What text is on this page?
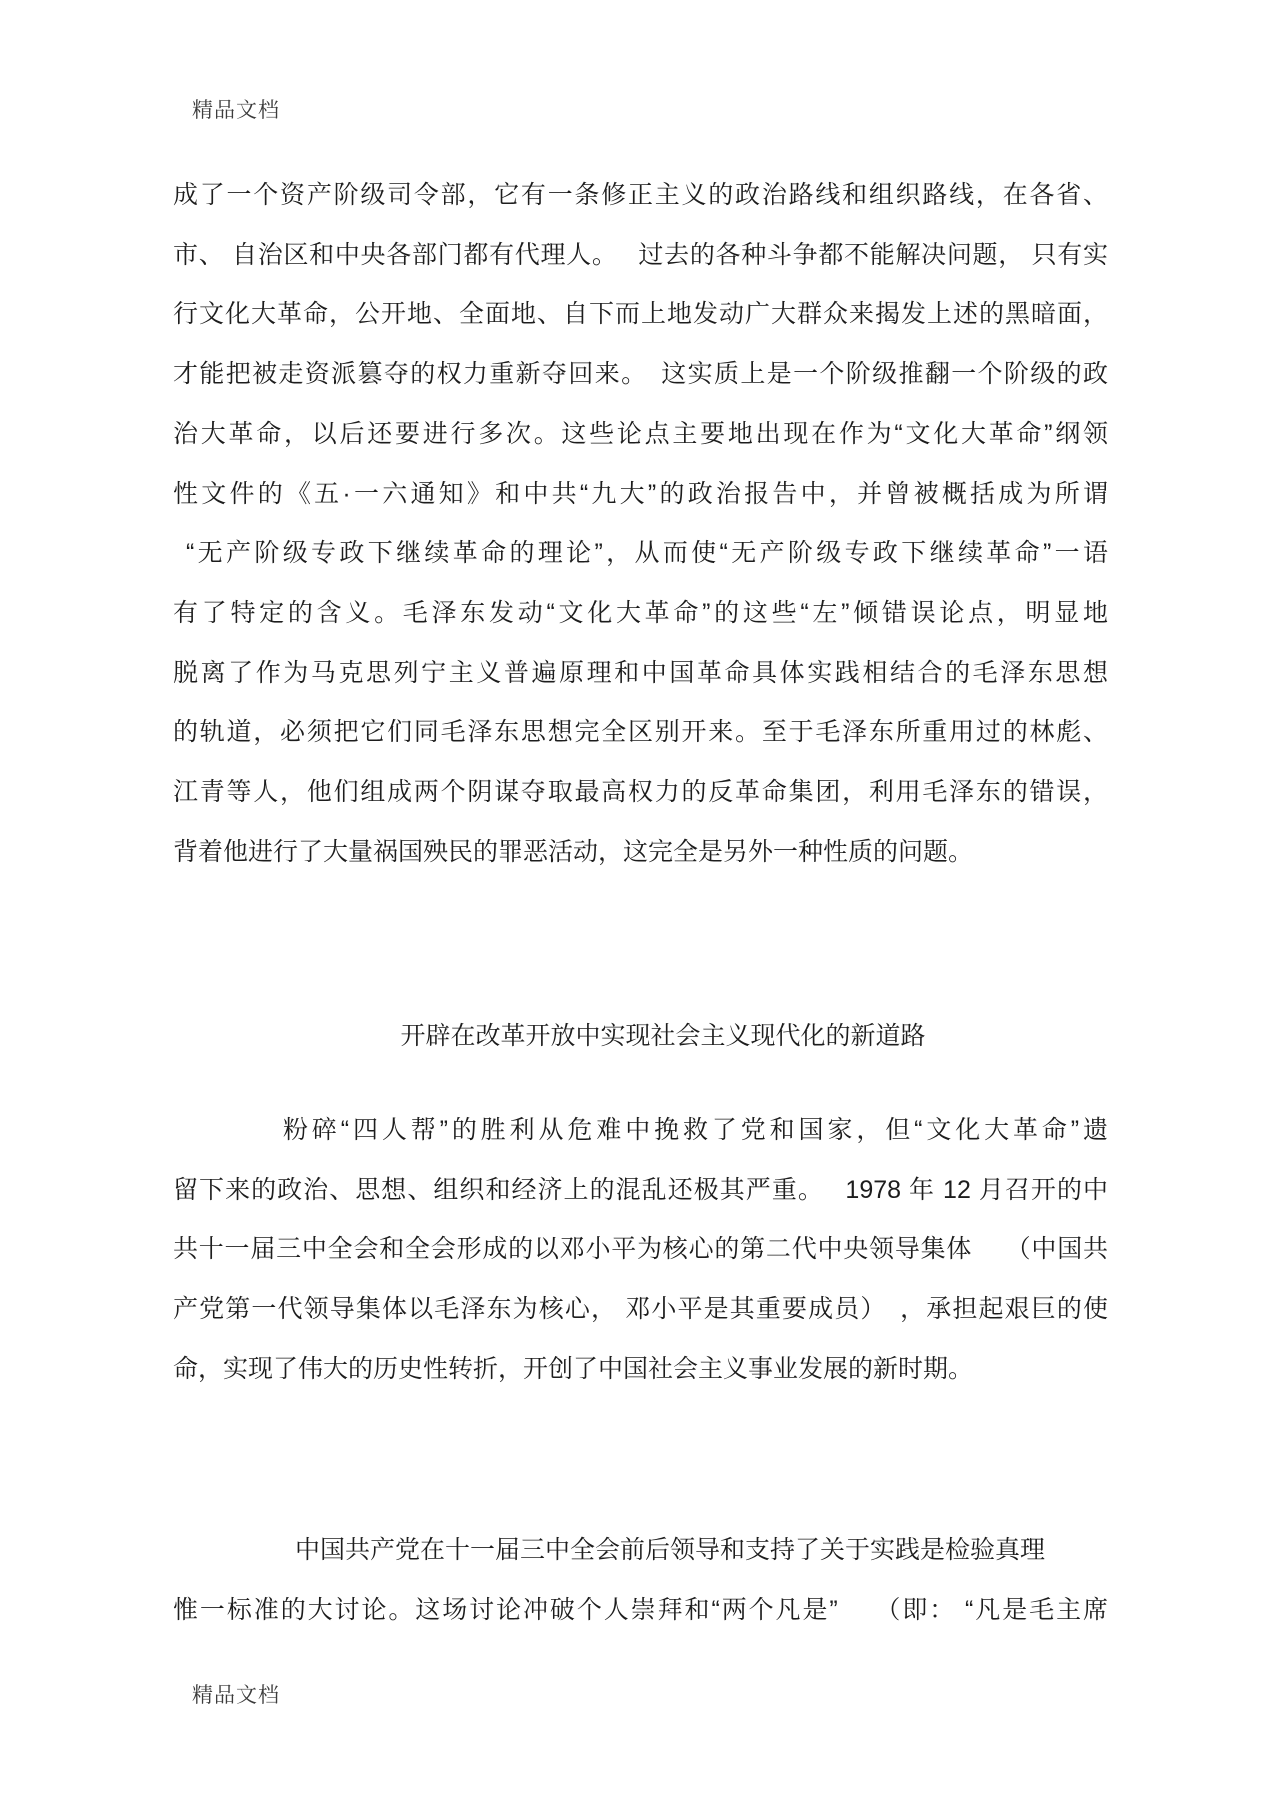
精品文档
成了一个资产阶级司令部，它有一条修正主义的政治路线和组织路线，在各省、
市、 自治区和中央各部门都有代理人。　 过去的各种斗争都不能解决问题， 只有实
行文化大革命，公开地、全面地、自下而上地发动广大群众来揭发上述的黑暗面，
才能把被走资派篡夺的权力重新夺回来。　这实质上是一个阶级推翻一个阶级的政
治大革命，以后还要进行多次。这些论点主要地出现在作为“文化大革命”纲领
性文件的《五·一六通知》和中共“九大”的政治报告中，并曾被概括成为所谓
“无产阶级专政下继续革命的理论”，从而使“无产阶级专政下继续革命”一语
有了特定的含义。毛泽东发动“文化大革命”的这些“左”倾错误论点，明显地
脱离了作为马克思列宁主义普遍原理和中国革命具体实践相结合的毛泽东思想
的轨道，必须把它们同毛泽东思想完全区别开来。至于毛泽东所重用过的林彪、
江青等人，他们组成两个阴谋夺取最高权力的反革命集团，利用毛泽东的错误，
背着他进行了大量祸国殃民的罪恶活动，这完全是另外一种性质的问题。
开辟在改革开放中实现社会主义现代化的新道路
粉碎“四人帮”的胜利从危难中挽救了党和国家，但“文化大革命”遗
留下来的政治、思想、组织和经济上的混乱还极其严重。　 1978 年 12 月召开的中
共十一届三中全会和全会形成的以邓小平为核心的第二代中央领导集体　 （中国共
产党第一代领导集体以毛泽东为核心， 邓小平是其重要成员）　，承担起艰巨的使
命，实现了伟大的历史性转折，开创了中国社会主义事业发展的新时期。
中国共产党在十一届三中全会前后领导和支持了关于实践是检验真理
惟一标准的大讨论。这场讨论冲破个人崇拜和“两个凡是”　 （即： “凡是毛主席
精品文档
